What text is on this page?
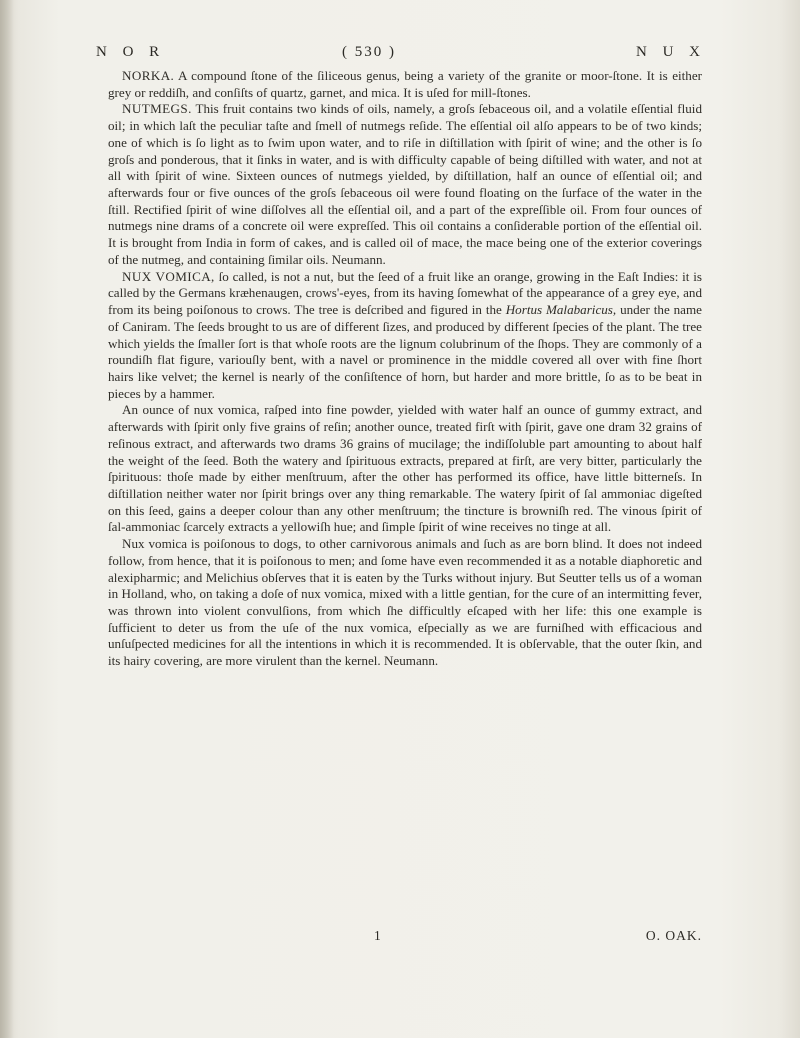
N O R	( 530 )	N U X

NORKA. A compound ſtone of the ſiliceous genus, being a variety of the granite or moor-ſtone. It is either grey or reddiſh, and conſiſts of quartz, garnet, and mica. It is uſed for mill-ſtones.

NUTMEGS. This fruit contains two kinds of oils, namely, a groſs ſebaceous oil, and a volatile eſſential fluid oil; in which laſt the peculiar taſte and ſmell of nutmegs reſide. The eſſential oil alſo appears to be of two kinds; one of which is ſo light as to ſwim upon water, and to riſe in diſtillation with ſpirit of wine; and the other is ſo groſs and ponderous, that it ſinks in water, and is with difficulty capable of being diſtilled with water, and not at all with ſpirit of wine. Sixteen ounces of nutmegs yielded, by diſtillation, half an ounce of eſſential oil; and afterwards four or five ounces of the groſs ſebaceous oil were found floating on the ſurface of the water in the ſtill. Rectified ſpirit of wine diſſolves all the eſſential oil, and a part of the expreſſible oil. From four ounces of nutmegs nine drams of a concrete oil were expreſſed. This oil contains a conſiderable portion of the eſſential oil. It is brought from India in form of cakes, and is called oil of mace, the mace being one of the exterior coverings of the nutmeg, and containing ſimilar oils. Neumann.

NUX VOMICA, ſo called, is not a nut, but the ſeed of a fruit like an orange, growing in the Eaſt Indies: it is called by the Germans kræhenaugen, crows'-eyes, from its having ſomewhat of the appearance of a grey eye, and from its being poiſonous to crows. The tree is deſcribed and figured in the Hortus Malabaricus, under the name of Caniram. The ſeeds brought to us are of different ſizes, and produced by different ſpecies of the plant. The tree which yields the ſmaller ſort is that whoſe roots are the lignum colubrinum of the ſhops. They are commonly of a roundiſh flat figure, variouſly bent, with a navel or prominence in the middle covered all over with fine ſhort hairs like velvet; the kernel is nearly of the conſiſtence of horn, but harder and more brittle, ſo as to be beat in pieces by a hammer.

An ounce of nux vomica, raſped into fine powder, yielded with water half an ounce of gummy extract, and afterwards with ſpirit only five grains of reſin; another ounce, treated firſt with ſpirit, gave one dram 32 grains of reſinous extract, and afterwards two drams 36 grains of mucilage; the indiſſoluble part amounting to about half the weight of the ſeed. Both the watery and ſpirituous extracts, prepared at firſt, are very bitter, particularly the ſpirituous: thoſe made by either menſtruum, after the other has performed its office, have little bitterneſs. In diſtillation neither water nor ſpirit brings over any thing remarkable. The watery ſpirit of ſal ammoniac digeſted on this ſeed, gains a deeper colour than any other menſtruum; the tincture is browniſh red. The vinous ſpirit of ſal-ammoniac ſcarcely extracts a yellowiſh hue; and ſimple ſpirit of wine receives no tinge at all.

Nux vomica is poiſonous to dogs, to other carnivorous animals and ſuch as are born blind. It does not indeed follow, from hence, that it is poiſonous to men; and ſome have even recommended it as a notable diaphoretic and alexipharmic; and Melichius obſerves that it is eaten by the Turks without injury. But Seutter tells us of a woman in Holland, who, on taking a doſe of nux vomica, mixed with a little gentian, for the cure of an intermitting fever, was thrown into violent convulſions, from which ſhe difficultly eſcaped with her life: this one example is ſufficient to deter us from the uſe of the nux vomica, eſpecially as we are furniſhed with efficacious and unſuſpected medicines for all the intentions in which it is recommended. It is obſervable, that the outer ſkin, and its hairy covering, are more virulent than the kernel. Neumann.

1	O. OAK.
